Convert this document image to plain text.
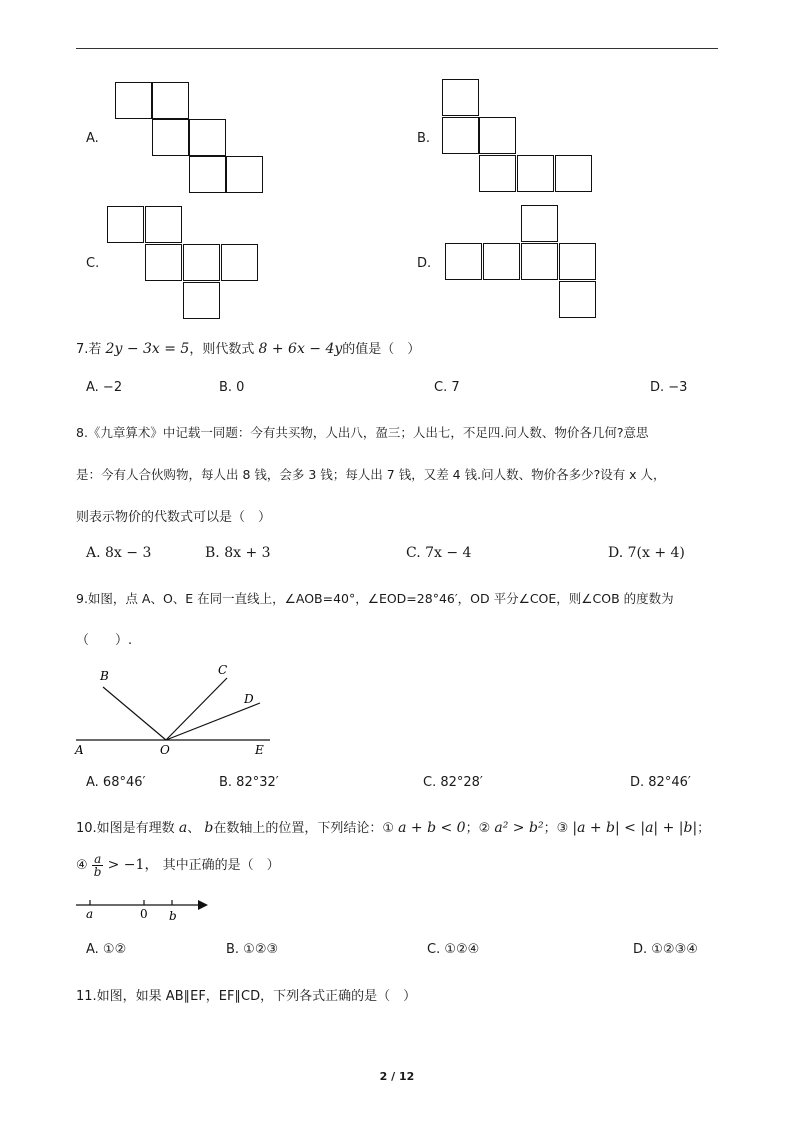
A.	B.
C.	D.
7.若 2y − 3x = 5，则代数式 8 + 6x − 4y的值是（　）
A. −2	B. 0	C. 7	D. −3
8.《九章算术》中记载一同题：今有共买物，人出八，盈三；人出七，不足四.问人数、物价各几何?意思
是：今有人合伙购物，每人出 8 钱，会多 3 钱；每人出 7 钱，又差 4 钱.问人数、物价各多少?设有 x 人，
则表示物价的代数式可以是（　）
A. 8x − 3	B. 8x + 3	C. 7x − 4	D. 7(x + 4)
9.如图，点 A、O、E 在同一直线上，∠AOB=40°，∠EOD=28°46′，OD 平分∠COE，则∠COB 的度数为
（　　）.
B	C
D
A	O	E
A. 68°46′	B. 82°32′	C. 82°28′	D. 82°46′
10.如图是有理数 a、 b在数轴上的位置，下列结论：① a + b < 0；② a² > b²；③ |a + b| < |a| + |b|；
④ $\frac{a}{b} > -1$， 其中正确的是（　）
a	0 b
A. ①②	B. ①②③	C. ①②④	D. ①②③④
11.如图，如果 AB∥EF，EF∥CD，下列各式正确的是（　）
2 / 12
